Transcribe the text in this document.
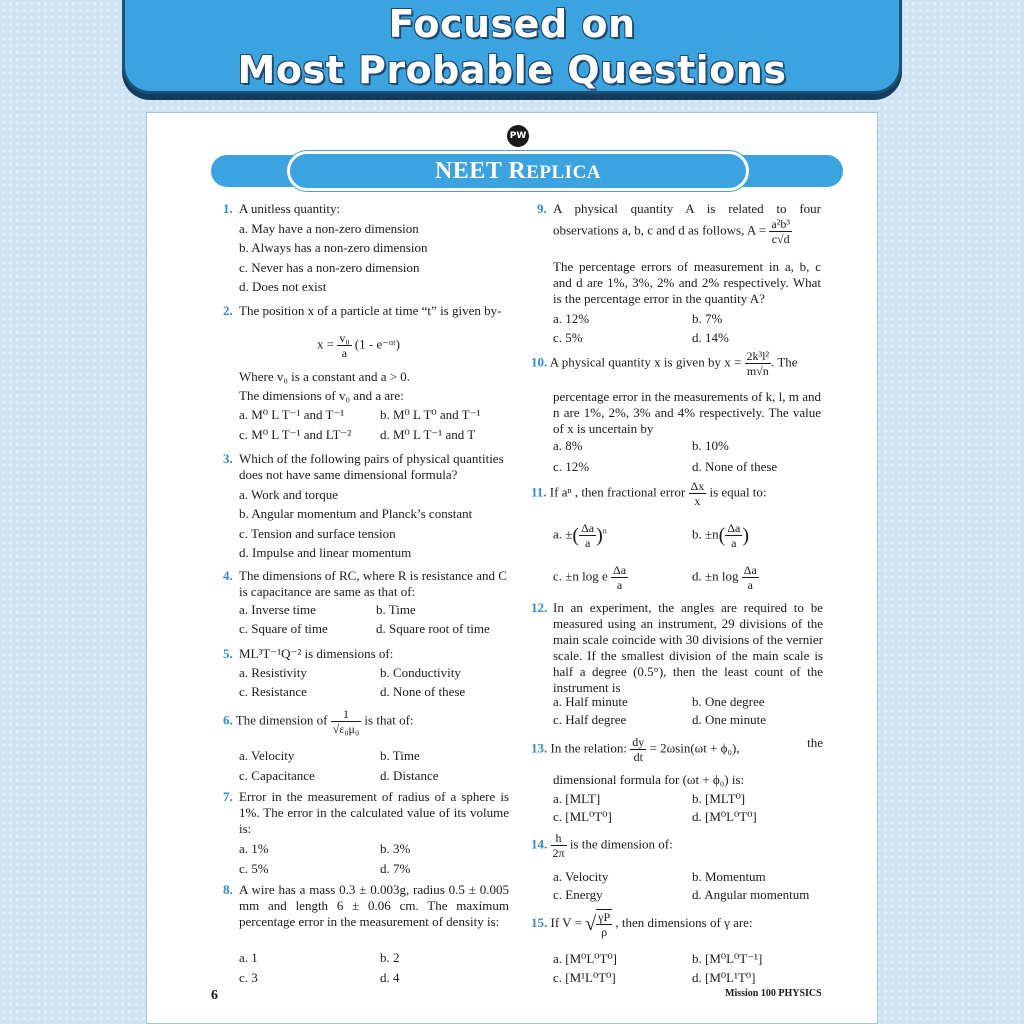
Focused on
Most Probable Questions
PW
NEET REPLICA
1. A unitless quantity:
a. May have a non-zero dimension
b. Always has a non-zero dimension
c. Never has a non-zero dimension
d. Does not exist
2. The position x of a particle at time “t” is given by-
$x = \frac{\text{v₀}}{a} (1$ - e⁻ᵅᵗ)
Where v₀ is a constant and a > 0.
The dimensions of v₀ and a are:
a. M⁰ L T⁻¹ and T⁻¹	b. M⁰ L T⁰ and T⁻¹
c. M⁰ L T⁻¹ and LT⁻² d. M⁰ L T⁻¹ and T
3. Which of the following pairs of physical quantities does not have same dimensional formula?
a. Work and torque
b. Angular momentum and Planck’s constant
c. Tension and surface tension
d. Impulse and linear momentum
4. The dimensions of RC, where R is resistance and C is capacitance are same as that of:
a. Inverse time	b. Time
c. Square of time	d. Square root of time
5. ML³T⁻¹Q⁻² is dimensions of:
a. Resistivity	b. Conductivity
c. Resistance	d. None of these
6. The dimension of $\frac{1}{\text{√ε₀μ₀}}$ is that of:
a. Velocity	b. Time
c. Capacitance	d. Distance
7. Error in the measurement of radius of a sphere is 1%. The error in the calculated value of its volume is:
a. 1%	b. 3%
c. 5%	d. 7%
8. A wire has a mass 0.3 ± 0.003g, radius 0.5 ± 0.005 mm and length 6 ± 0.06 cm. The maximum percentage error in the measurement of density is:
a. 1	b. 2
c. 3	d. 4
9. A physical quantity A is related to four
observations a, b, c and d as follows, $A = \frac{\text{a²b³}}{c√d}$
The percentage errors of measurement in a, b, c and d are 1%, 3%, 2% and 2% respectively. What is the percentage error in the quantity A?
a. 12%	b. 7%
c. 5%	d. 14%
10. A physical quantity x is given by $x = \frac{\text{2k³l²}}{m√n}$ . The
percentage error in the measurements of k, l, m and n are 1%, 2%, 3% and 4% respectively. The value of x is uncertain by
a. 8%	b. 10%
c. 12%	d. None of these
11. If aⁿ , then fractional error $\frac{\Delta x}{x}$ is equal to:
a. ±( $\frac{\Delta a}{a} )^n$	b. $\pm n( \frac{\Delta a}{a}$ )
c. ±n log e $\frac{\Delta a}{a}$	d. ±n $\log \frac{\Delta a}{a}$
12. In an experiment, the angles are required to be measured using an instrument, 29 divisions of the main scale coincide with 30 divisions of the vernier scale. If the smallest division of the main scale is half a degree (0.5°), then the least count of the instrument is
a. Half minute	b. One degree
c. Half degree	d. One minute
13. In the relation: $\frac{dy}{dt} = 2\omega\sin(\omega t + \phi_0)$,	the
dimensional formula for (ωt + ϕ₀) is:
a. [MLT]	b. [MLT⁰]
c. [ML⁰T⁰]	d. [M⁰L⁰T⁰]
14. $\frac{h}{2\pi}$ is the dimension of:
a. Velocity	b. Momentum
c. Energy	d. Angular momentum
15. If V = √ $\frac{\gamma P}{\rho}$ , then dimensions of γ are:
a. [M⁰L⁰T⁰]	b. [M⁰L⁰T⁻¹]
c. [M¹L⁰T⁰]	d. [M⁰L¹T⁰]
6	Mission 100 PHYSICS
